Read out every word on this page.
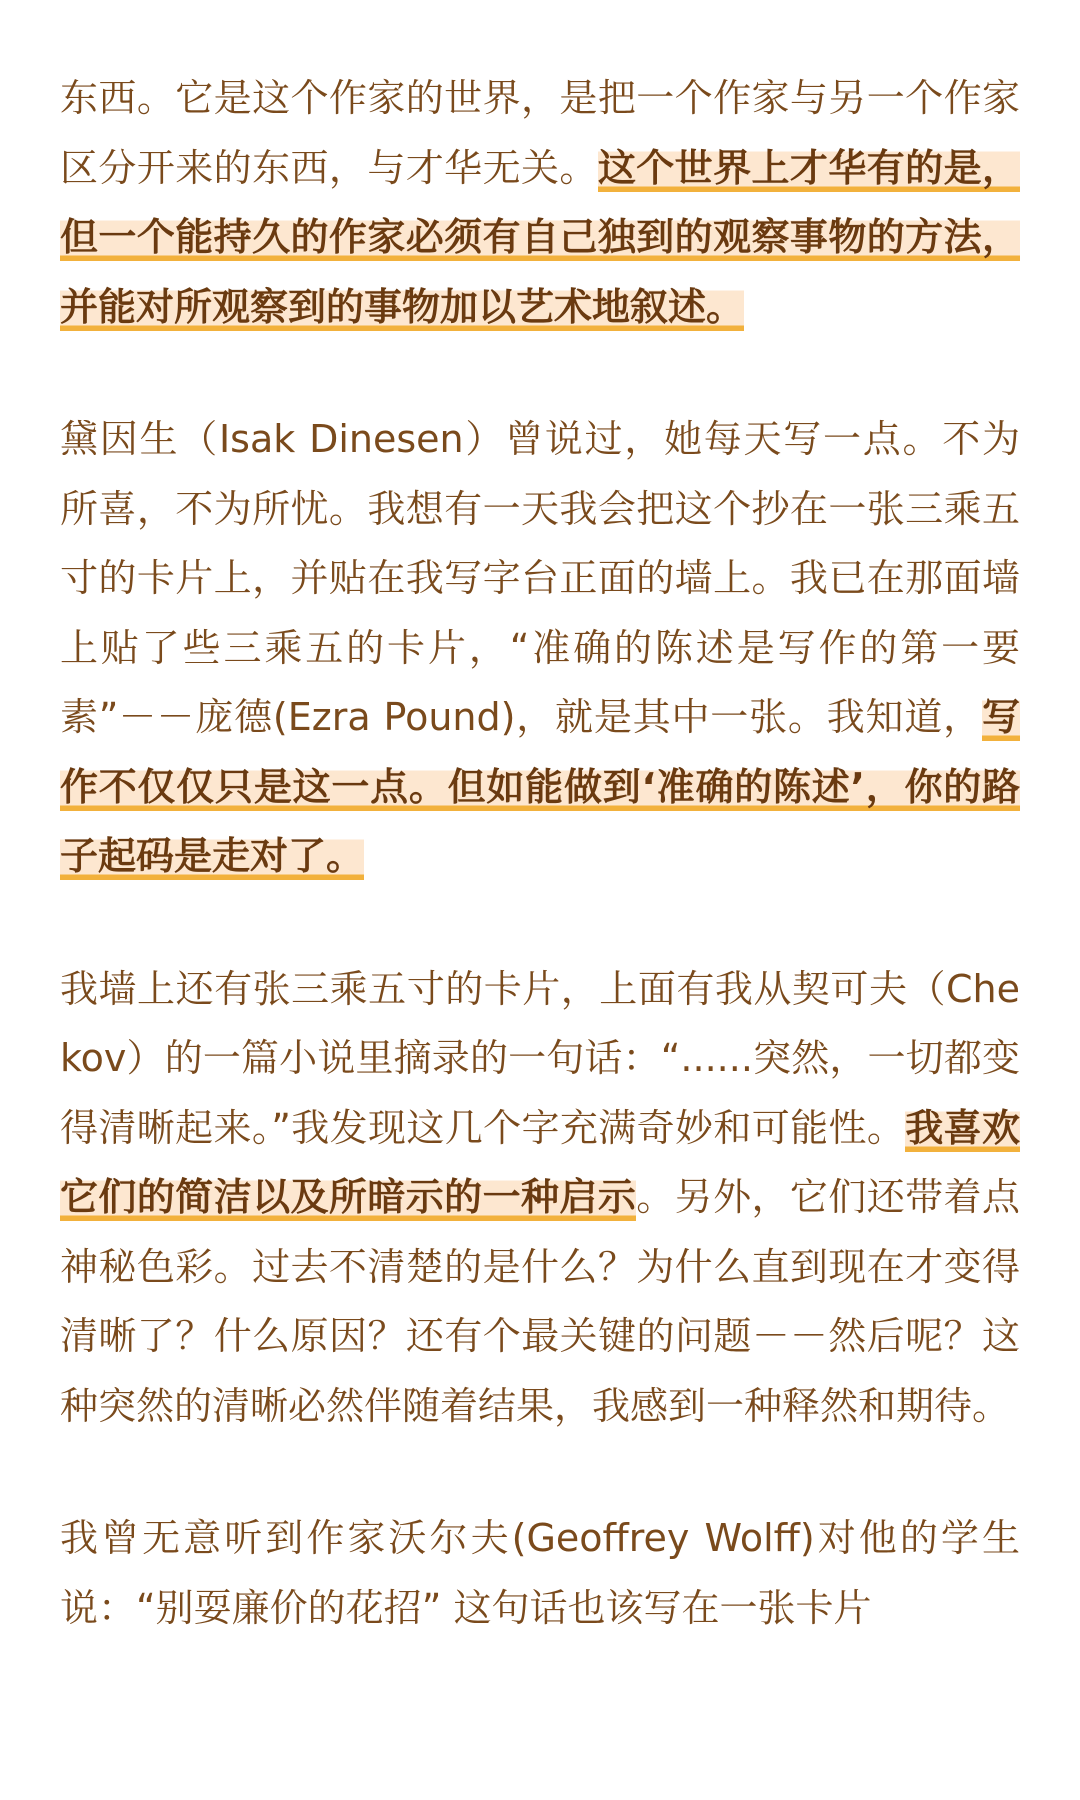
东西。它是这个作家的世界，是把一个作家与另一个作家区分开来的东西，与才华无关。这个世界上才华有的是，但一个能持久的作家必须有自己独到的观察事物的方法，并能对所观察到的事物加以艺术地叙述。

黛因生（Isak Dinesen）曾说过，她每天写一点。不为所喜，不为所忧。我想有一天我会把这个抄在一张三乘五寸的卡片上，并贴在我写字台正面的墙上。我已在那面墙上贴了些三乘五的卡片，“准确的陈述是写作的第一要素”－－庞德(Ezra Pound)，就是其中一张。我知道，写作不仅仅只是这一点。但如能做到‘准确的陈述’，你的路子起码是走对了。

我墙上还有张三乘五寸的卡片，上面有我从契可夫（Chekov）的一篇小说里摘录的一句话：“......突然，一切都变得清晰起来。”我发现这几个字充满奇妙和可能性。我喜欢它们的简洁以及所暗示的一种启示。另外，它们还带着点神秘色彩。过去不清楚的是什么？为什么直到现在才变得清晰了？什么原因？还有个最关键的问题－－然后呢？这种突然的清晰必然伴随着结果，我感到一种释然和期待。

我曾无意听到作家沃尔夫(Geoffrey Wolff)对他的学生说：“别耍廉价的花招” 这句话也该写在一张卡片
